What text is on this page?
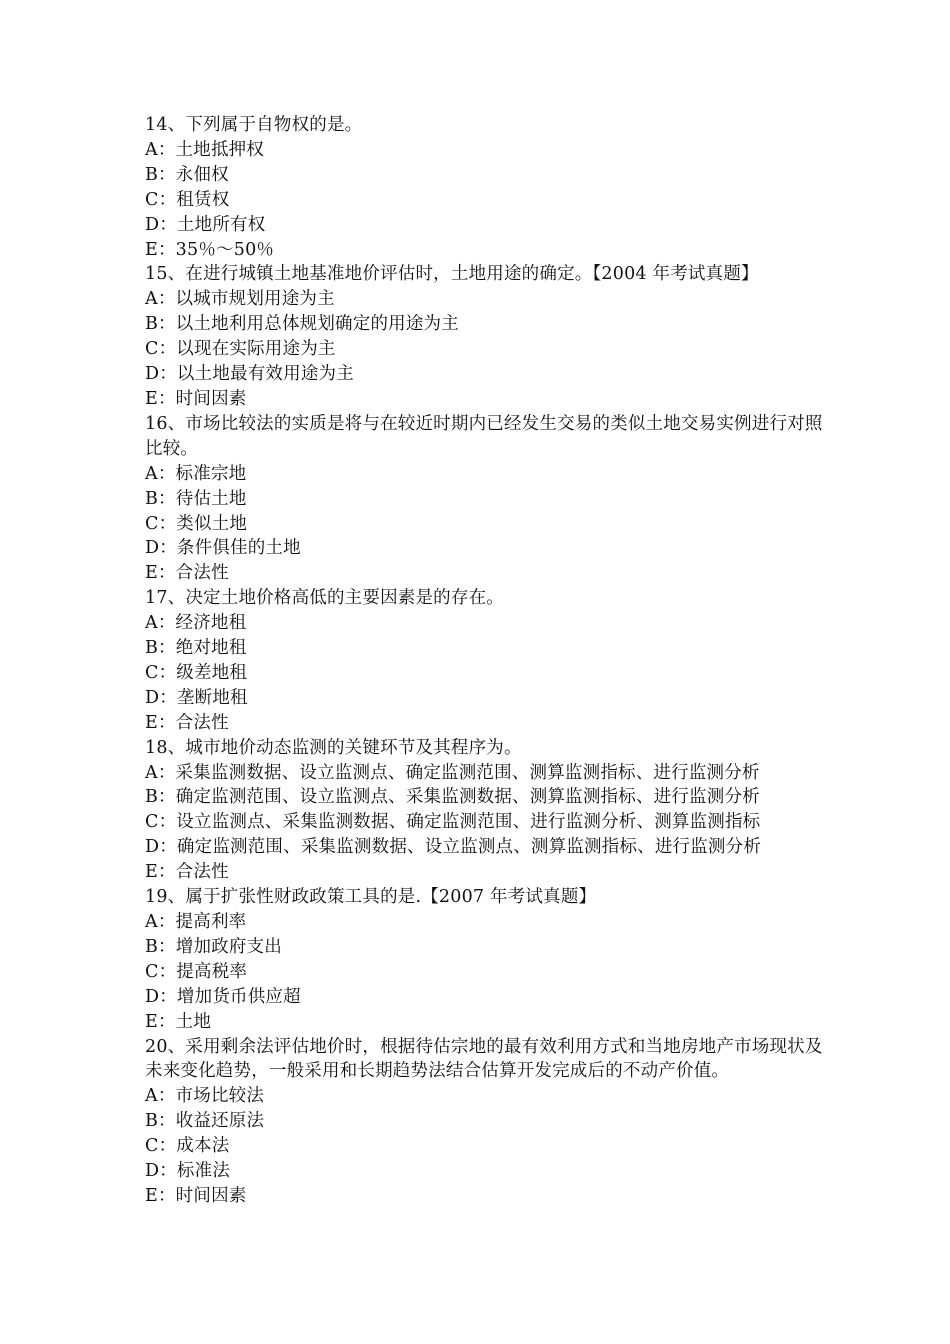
14、下列属于自物权的是。
A：土地抵押权
B：永佃权
C：租赁权
D：土地所有权
E：35％～50％
15、在进行城镇土地基准地价评估时，土地用途的确定。【2004 年考试真题】
A：以城市规划用途为主
B：以土地利用总体规划确定的用途为主
C：以现在实际用途为主
D：以土地最有效用途为主
E：时间因素
16、市场比较法的实质是将与在较近时期内已经发生交易的类似土地交易实例进行对照比较。
A：标准宗地
B：待估土地
C：类似土地
D：条件俱佳的土地
E：合法性
17、决定土地价格高低的主要因素是的存在。
A：经济地租
B：绝对地租
C：级差地租
D：垄断地租
E：合法性
18、城市地价动态监测的关键环节及其程序为。
A：采集监测数据、设立监测点、确定监测范围、测算监测指标、进行监测分析
B：确定监测范围、设立监测点、采集监测数据、测算监测指标、进行监测分析
C：设立监测点、采集监测数据、确定监测范围、进行监测分析、测算监测指标
D：确定监测范围、采集监测数据、设立监测点、测算监测指标、进行监测分析
E：合法性
19、属于扩张性财政政策工具的是.【2007 年考试真题】
A：提高利率
B：增加政府支出
C：提高税率
D：增加货币供应超
E：土地
20、采用剩余法评估地价时，根据待估宗地的最有效利用方式和当地房地产市场现状及未来变化趋势，一般采用和长期趋势法结合估算开发完成后的不动产价值。
A：市场比较法
B：收益还原法
C：成本法
D：标准法
E：时间因素
